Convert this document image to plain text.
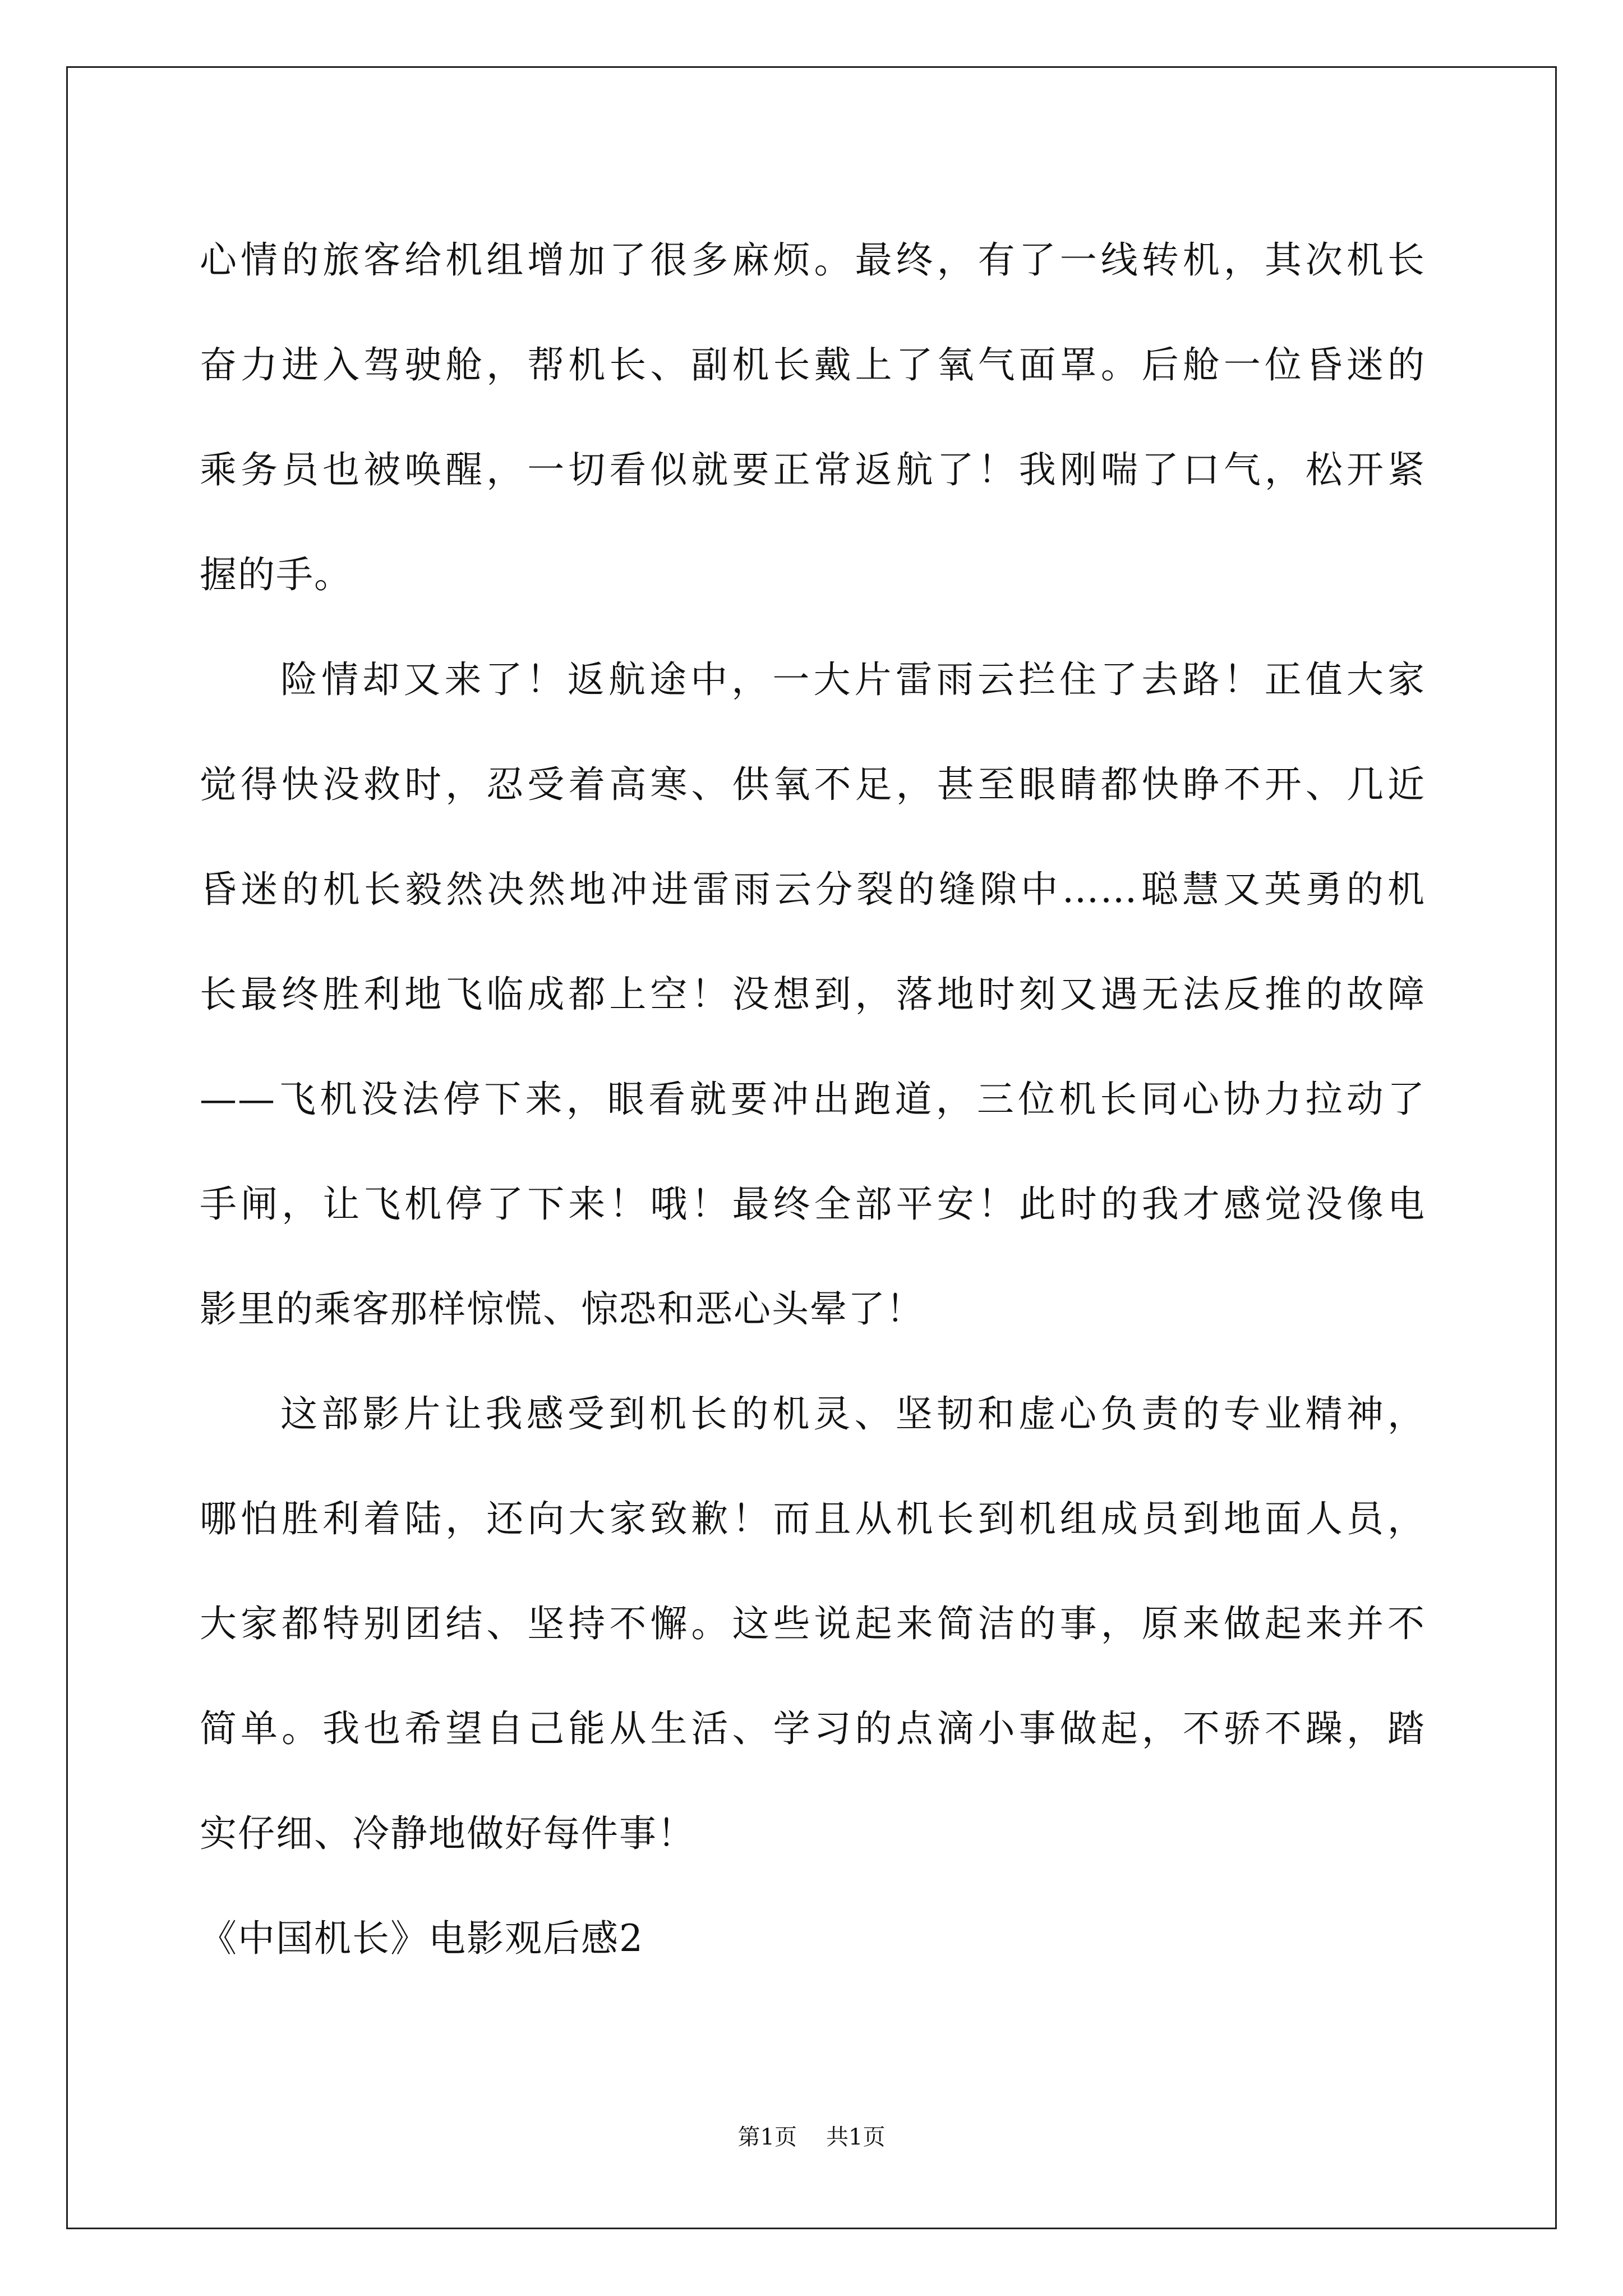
心情的旅客给机组增加了很多麻烦。最终，有了一线转机，其次机长
奋力进入驾驶舱，帮机长、副机长戴上了氧气面罩。后舱一位昏迷的
乘务员也被唤醒，一切看似就要正常返航了！我刚喘了口气，松开紧
握的手。
险情却又来了！返航途中，一大片雷雨云拦住了去路！正值大家
觉得快没救时，忍受着高寒、供氧不足，甚至眼睛都快睁不开、几近
昏迷的机长毅然决然地冲进雷雨云分裂的缝隙中……聪慧又英勇的机
长最终胜利地飞临成都上空！没想到，落地时刻又遇无法反推的故障
——飞机没法停下来，眼看就要冲出跑道，三位机长同心协力拉动了
手闸，让飞机停了下来！哦！最终全部平安！此时的我才感觉没像电
影里的乘客那样惊慌、惊恐和恶心头晕了！
这部影片让我感受到机长的机灵、坚韧和虚心负责的专业精神，
哪怕胜利着陆，还向大家致歉！而且从机长到机组成员到地面人员，
大家都特别团结、坚持不懈。这些说起来简洁的事，原来做起来并不
简单。我也希望自己能从生活、学习的点滴小事做起，不骄不躁，踏
实仔细、冷静地做好每件事！
《中国机长》电影观后感2
第1页 共1页
